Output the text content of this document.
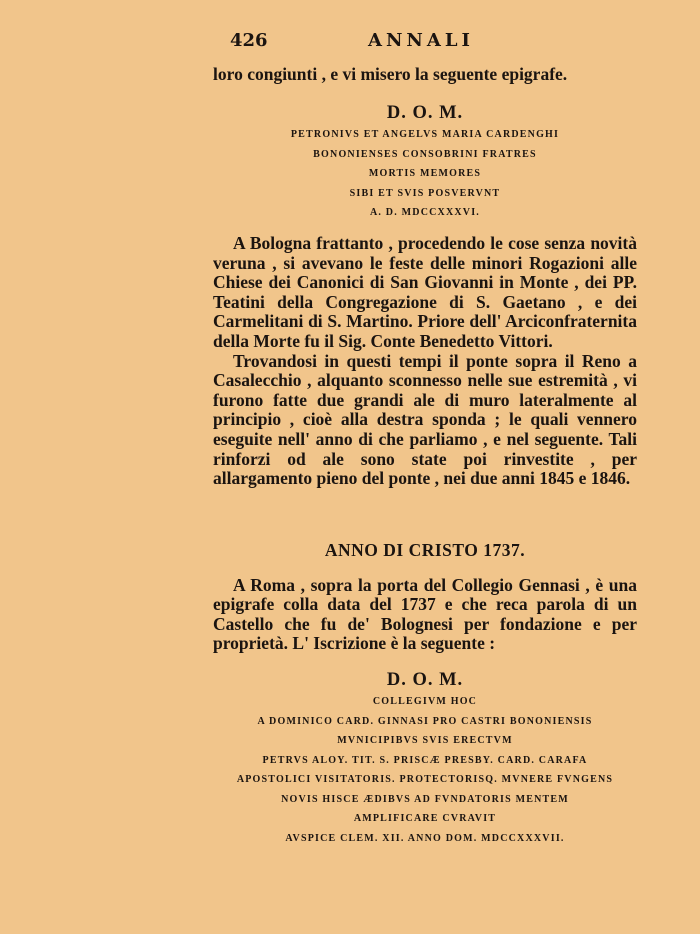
426	ANNALI

loro congiunti , e vi misero la seguente epigrafe.

D. O. M.
PETRONIVS ET ANGELVS MARIA CARDENGHI
BONONIENSES CONSOBRINI FRATRES
MORTIS MEMORES
SIBI ET SVIS POSVERVNT
A. D. MDCCXXXVI.

A Bologna frattanto , procedendo le cose senza novità veruna , si avevano le feste delle minori Rogazioni alle Chiese dei Canonici di San Giovanni in Monte , dei PP. Teatini della Congregazione di S. Gaetano , e dei Carmelitani di S. Martino. Priore dell' Arciconfraternita della Morte fu il Sig. Conte Benedetto Vittori.

Trovandosi in questi tempi il ponte sopra il Reno a Casalecchio , alquanto sconnesso nelle sue estremità , vi furono fatte due grandi ale di muro lateralmente al principio , cioè alla destra sponda ; le quali vennero eseguite nell' anno di che parliamo , e nel seguente. Tali rinforzi od ale sono state poi rinvestite , per allargamento pieno del ponte , nei due anni 1845 e 1846.

ANNO DI CRISTO 1737.

A Roma , sopra la porta del Collegio Gennasi , è una epigrafe colla data del 1737 e che reca parola di un Castello che fu de' Bolognesi per fondazione e per proprietà. L' Iscrizione è la seguente :

D. O. M.
COLLEGIVM HOC
A DOMINICO CARD. GINNASI PRO CASTRI BONONIENSIS
MVNICIPIBVS SVIS ERECTVM
PETRVS ALOY. TIT. S. PRISCÆ PRESBY. CARD. CARAFA
APOSTOLICI VISITATORIS. PROTECTORISQ. MVNERE FVNGENS
NOVIS HISCE ÆDIBVS AD FVNDATORIS MENTEM
AMPLIFICARE CVRAVIT
AVSPICE CLEM. XII. ANNO DOM. MDCCXXXVII.
